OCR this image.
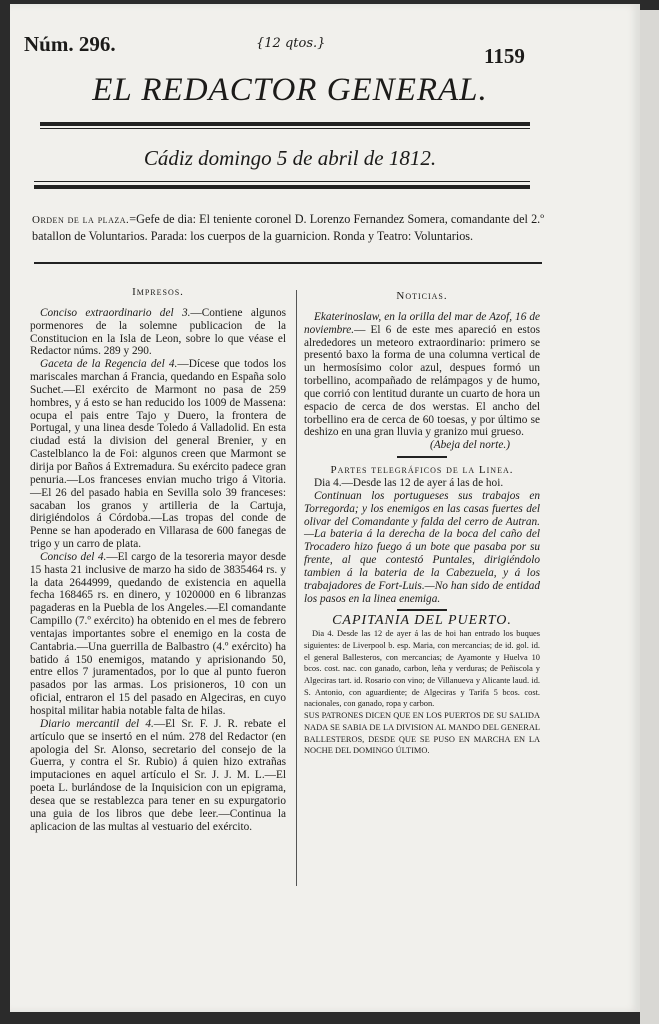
Núm. 296.	{12 qtos.}
1159
EL REDACTOR GENERAL.
Cádiz domingo 5 de abril de 1812.
Orden de la plaza.=Gefe de dia: El teniente coronel D. Lorenzo Fernandez Somera, comandante del 2.º batallon de Voluntarios. Parada: los cuerpos de la guarnicion. Ronda y Teatro: Voluntarios.
Impresos.

Conciso extraordinario del 3.—Contiene algunos pormenores de la solemne publicacion de la Constitucion en la Isla de Leon, sobre lo que véase el Redactor núms. 289 y 290.

Gaceta de la Regencia del 4.—Dícese que todos los mariscales marchan á Francia, quedando en España solo Suchet.—El exército de Marmont no pasa de 259 hombres, y á esto se han reducido los 1009 de Massena: ocupa el pais entre Tajo y Duero, la frontera de Portugal, y una linea desde Toledo á Valladolid. En esta ciudad está la division del general Brenier, y en Castelblanco la de Foi: algunos creen que Marmont se dirija por Baños á Extremadura. Su exército padece gran penuria.—Los franceses envian mucho trigo á Vitoria.—El 26 del pasado habia en Sevilla solo 39 franceses: sacaban los granos y artilleria de la Cartuja, dirigiéndolos á Córdoba.—Las tropas del conde de Penne se han apoderado en Villarasa de 600 fanegas de trigo y un carro de plata.

Conciso del 4.—El cargo de la tesoreria mayor desde 15 hasta 21 inclusive de marzo ha sido de 3835464 rs. y la data 2644999, quedando de existencia en aquella fecha 168465 rs. en dinero, y 1020000 en 6 libranzas pagaderas en la Puebla de los Angeles.—El comandante Campillo (7.º exército) ha obtenido en el mes de febrero ventajas importantes sobre el enemigo en la costa de Cantabria.—Una guerrilla de Balbastro (4.º exército) ha batido á 150 enemigos, matando y aprisionando 50, entre ellos 7 juramentados, por lo que al punto fueron pasados por las armas. Los prisioneros, 10 con un oficial, entraron el 15 del pasado en Algeciras, en cuyo hospital militar habia notable falta de hilas.

Diario mercantil del 4.—El Sr. F. J. R. rebate el artículo que se insertó en el núm. 278 del Redactor (en apologia del Sr. Alonso, secretario del consejo de la Guerra, y contra el Sr. Rubio) á quien hizo extrañas imputaciones en aquel artículo el Sr. J. J. M. L.—El poeta L. burlándose de la Inquisicion con un epigrama, desea que se restablezca para tener en su expurgatorio una guia de los libros que debe leer.—Continua la aplicacion de las multas al vestuario del exército.

Noticias.

Ekaterinoslaw, en la orilla del mar de Azof, 16 de noviembre.— El 6 de este mes apareció en estos alrededores un meteoro extraordinario: primero se presentó baxo la forma de una columna vertical de un hermosísimo color azul, despues formó un torbellino, acompañado de relámpagos y de humo, que corrió con lentitud durante un cuarto de hora un espacio de cerca de dos werstas. El ancho del torbellino era de cerca de 60 toesas, y por último se deshizo en una gran lluvia y granizo mui grueso.

(Abeja del norte.)
Partes telegráficos de la Linea.

Dia 4.—Desde las 12 de ayer á las de hoi.

Continuan los portugueses sus trabajos en Torregorda; y los enemigos en las casas fuertes del olivar del Comandante y falda del cerro de Autran.—La bateria á la derecha de la boca del caño del Trocadero hizo fuego á un bote que pasaba por su frente, al que contestó Puntales, dirigiéndolo tambien á la bateria de la Cabezuela, y á los trabajadores de Fort-Luis.—No han sido de entidad los pasos en la linea enemiga.

CAPITANIA DEL PUERTO.

Dia 4. Desde las 12 de ayer á las de hoi han entrado los buques siguientes: de Liverpool b. esp. Maria, con mercancias; de id. gol. id. el general Ballesteros, con mercancias; de Ayamonte y Huelva 10 bcos. cost. nac. con ganado, carbon, leña y verduras; de Peñiscola y Algeciras tart. id. Rosario con vino; de Villanueva y Alicante laud. id. S. Antonio, con aguardiente; de Algeciras y Tarifa 5 bcos. cost. nacionales, con ganado, ropa y carbon.

SUS PATRONES DICEN QUE EN LOS PUERTOS DE SU SALIDA NADA SE SABIA DE LA DIVISION AL MANDO DEL GENERAL BALLESTEROS, DESDE QUE SE PUSO EN MARCHA EN LA NOCHE DEL DOMINGO ÚLTIMO.
